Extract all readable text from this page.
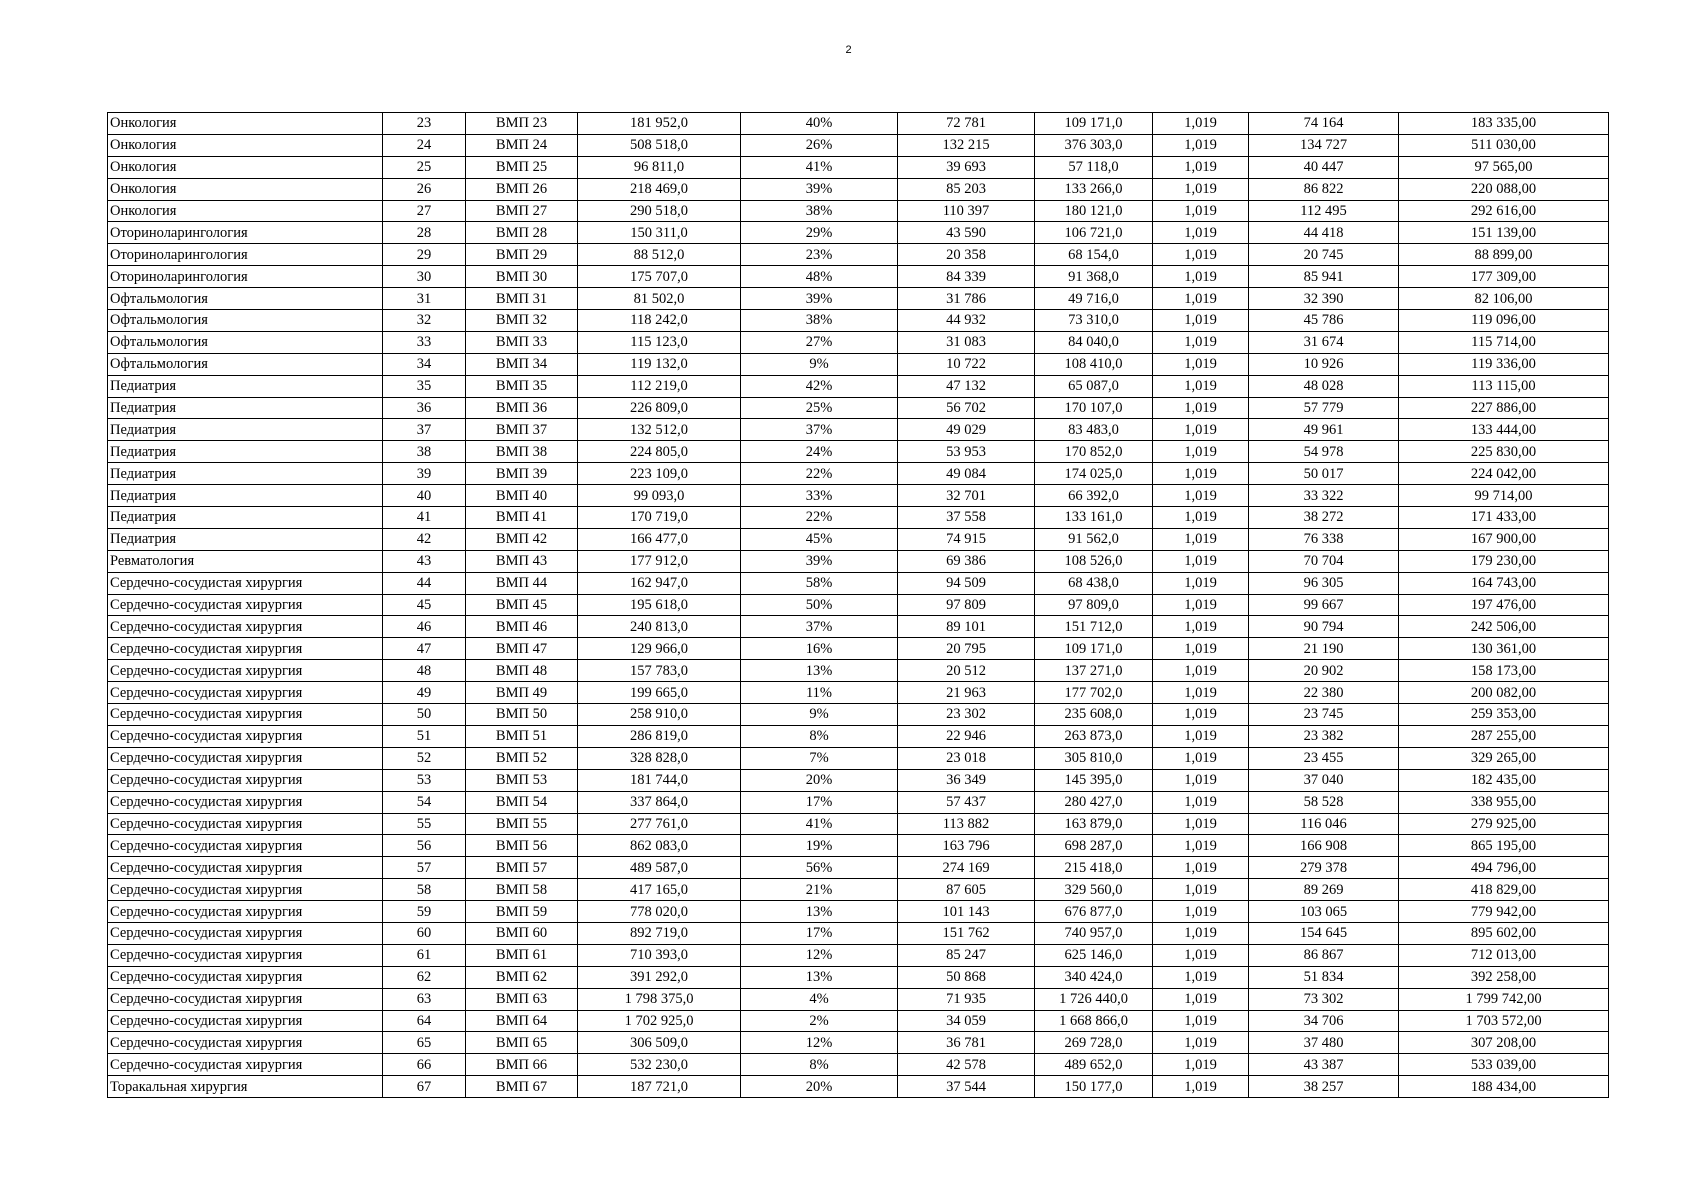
2
Онкология	23	ВМП 23	181 952,0	40%	72 781	109 171,0	1,019	74 164	183 335,00
Онкология	24	ВМП 24	508 518,0	26%	132 215	376 303,0	1,019	134 727	511 030,00
Онкология	25	ВМП 25	96 811,0	41%	39 693	57 118,0	1,019	40 447	97 565,00
Онкология	26	ВМП 26	218 469,0	39%	85 203	133 266,0	1,019	86 822	220 088,00
Онкология	27	ВМП 27	290 518,0	38%	110 397	180 121,0	1,019	112 495	292 616,00
Оториноларингология	28	ВМП 28	150 311,0	29%	43 590	106 721,0	1,019	44 418	151 139,00
Оториноларингология	29	ВМП 29	88 512,0	23%	20 358	68 154,0	1,019	20 745	88 899,00
Оториноларингология	30	ВМП 30	175 707,0	48%	84 339	91 368,0	1,019	85 941	177 309,00
Офтальмология	31	ВМП 31	81 502,0	39%	31 786	49 716,0	1,019	32 390	82 106,00
Офтальмология	32	ВМП 32	118 242,0	38%	44 932	73 310,0	1,019	45 786	119 096,00
Офтальмология	33	ВМП 33	115 123,0	27%	31 083	84 040,0	1,019	31 674	115 714,00
Офтальмология	34	ВМП 34	119 132,0	9%	10 722	108 410,0	1,019	10 926	119 336,00
Педиатрия	35	ВМП 35	112 219,0	42%	47 132	65 087,0	1,019	48 028	113 115,00
Педиатрия	36	ВМП 36	226 809,0	25%	56 702	170 107,0	1,019	57 779	227 886,00
Педиатрия	37	ВМП 37	132 512,0	37%	49 029	83 483,0	1,019	49 961	133 444,00
Педиатрия	38	ВМП 38	224 805,0	24%	53 953	170 852,0	1,019	54 978	225 830,00
Педиатрия	39	ВМП 39	223 109,0	22%	49 084	174 025,0	1,019	50 017	224 042,00
Педиатрия	40	ВМП 40	99 093,0	33%	32 701	66 392,0	1,019	33 322	99 714,00
Педиатрия	41	ВМП 41	170 719,0	22%	37 558	133 161,0	1,019	38 272	171 433,00
Педиатрия	42	ВМП 42	166 477,0	45%	74 915	91 562,0	1,019	76 338	167 900,00
Ревматология	43	ВМП 43	177 912,0	39%	69 386	108 526,0	1,019	70 704	179 230,00
Сердечно-сосудистая хирургия	44	ВМП 44	162 947,0	58%	94 509	68 438,0	1,019	96 305	164 743,00
Сердечно-сосудистая хирургия	45	ВМП 45	195 618,0	50%	97 809	97 809,0	1,019	99 667	197 476,00
Сердечно-сосудистая хирургия	46	ВМП 46	240 813,0	37%	89 101	151 712,0	1,019	90 794	242 506,00
Сердечно-сосудистая хирургия	47	ВМП 47	129 966,0	16%	20 795	109 171,0	1,019	21 190	130 361,00
Сердечно-сосудистая хирургия	48	ВМП 48	157 783,0	13%	20 512	137 271,0	1,019	20 902	158 173,00
Сердечно-сосудистая хирургия	49	ВМП 49	199 665,0	11%	21 963	177 702,0	1,019	22 380	200 082,00
Сердечно-сосудистая хирургия	50	ВМП 50	258 910,0	9%	23 302	235 608,0	1,019	23 745	259 353,00
Сердечно-сосудистая хирургия	51	ВМП 51	286 819,0	8%	22 946	263 873,0	1,019	23 382	287 255,00
Сердечно-сосудистая хирургия	52	ВМП 52	328 828,0	7%	23 018	305 810,0	1,019	23 455	329 265,00
Сердечно-сосудистая хирургия	53	ВМП 53	181 744,0	20%	36 349	145 395,0	1,019	37 040	182 435,00
Сердечно-сосудистая хирургия	54	ВМП 54	337 864,0	17%	57 437	280 427,0	1,019	58 528	338 955,00
Сердечно-сосудистая хирургия	55	ВМП 55	277 761,0	41%	113 882	163 879,0	1,019	116 046	279 925,00
Сердечно-сосудистая хирургия	56	ВМП 56	862 083,0	19%	163 796	698 287,0	1,019	166 908	865 195,00
Сердечно-сосудистая хирургия	57	ВМП 57	489 587,0	56%	274 169	215 418,0	1,019	279 378	494 796,00
Сердечно-сосудистая хирургия	58	ВМП 58	417 165,0	21%	87 605	329 560,0	1,019	89 269	418 829,00
Сердечно-сосудистая хирургия	59	ВМП 59	778 020,0	13%	101 143	676 877,0	1,019	103 065	779 942,00
Сердечно-сосудистая хирургия	60	ВМП 60	892 719,0	17%	151 762	740 957,0	1,019	154 645	895 602,00
Сердечно-сосудистая хирургия	61	ВМП 61	710 393,0	12%	85 247	625 146,0	1,019	86 867	712 013,00
Сердечно-сосудистая хирургия	62	ВМП 62	391 292,0	13%	50 868	340 424,0	1,019	51 834	392 258,00
Сердечно-сосудистая хирургия	63	ВМП 63	1 798 375,0	4%	71 935	1 726 440,0	1,019	73 302	1 799 742,00
Сердечно-сосудистая хирургия	64	ВМП 64	1 702 925,0	2%	34 059	1 668 866,0	1,019	34 706	1 703 572,00
Сердечно-сосудистая хирургия	65	ВМП 65	306 509,0	12%	36 781	269 728,0	1,019	37 480	307 208,00
Сердечно-сосудистая хирургия	66	ВМП 66	532 230,0	8%	42 578	489 652,0	1,019	43 387	533 039,00
Торакальная хирургия	67	ВМП 67	187 721,0	20%	37 544	150 177,0	1,019	38 257	188 434,00
